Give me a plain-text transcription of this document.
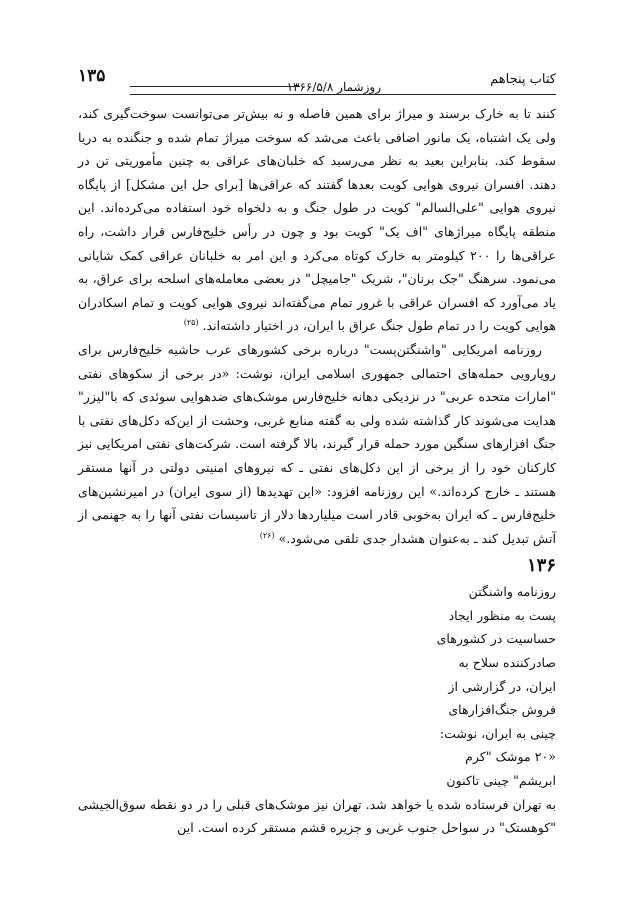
کتاب پنجاهم
روزشمار ۱۳۶۶/۵/۸
۱۳۵

کنند تا به خارک برسند و میراژ برای همین فاصله و نه بیش‌تر می‌توانست سوخت‌گیری کند، ولی یک اشتباه، یک مانور اضافی باعث می‌شد که سوخت میراژ تمام شده و جنگنده به دریا سقوط کند. بنابراین بعید به نظر می‌رسید که خلبان‌های عراقی به چنین مأموریتی تن در دهند. افسران نیروی هوایی کویت بعدها گفتند که عراقی‌ها [برای حل این مشکل] از پایگاه نیروی هوایی "علی‌السالم" کویت در طول جنگ و به دلخواه خود استفاده می‌کرده‌اند. این منطقه پایگاه میراژهای "اف یک" کویت بود و چون در رأس خلیج‌فارس قرار داشت، راه عراقی‌ها را ۲۰۰ کیلومتر به خارک کوتاه می‌کرد و این امر به خلبانان عراقی کمک شایانی می‌نمود. سرهنگ "جک برنان"، شریک "جامیچل" در بعضی معامله‌های اسلحه برای عراق، به یاد می‌آورد که افسران عراقی با غرور تمام می‌گفته‌اند نیروی هوایی کویت و تمام اسکادران هوایی کویت را در تمام طول جنگ عراق با ایران، در اختیار داشته‌اند. $^{(۲۵)}$

روزنامه امریکایی "واشنگتن‌پست" درباره برخی کشورهای عرب حاشیه خلیج‌فارس برای رویارویی حمله‌های احتمالی جمهوری اسلامی ایران، نوشت: «در برخی از سکوهای نفتی "امارات متحده عربی" در نزدیکی دهانه خلیج‌فارس موشک‌های ضدهوایی سوئدی که با"لیزر" هدایت می‌شوند کار گذاشته شده ولی به گفته منابع غربی، وحشت از این‌که دکل‌های نفتی با جنگ افزارهای سنگین مورد حمله قرار گیرند، بالا گرفته است. شرکت‌های نفتی امریکایی نیز کارکنان خود را از برخی از این دکل‌های نفتی ـ که نیروهای امنیتی دولتی در آنها مستقر هستند ـ خارج کرده‌اند.» این روزنامه افزود: «این تهدیدها (از سوی ایران) در امیرنشین‌های خلیج‌فارس ـ که ایران به‌خوبی قادر است میلیاردها دلار از تاسیسات نفتی آنها را به جهنمی از آتش تبدیل کند ـ به‌عنوان هشدار جدی تلقی می‌شود.» $^{(۲۶)}$

۱۳۶
روزنامه واشنگتن
پست به منظور ایجاد
حساسیت در کشورهای
صادرکننده سلاح به
ایران، در گزارشی از
فروش جنگ‌افزارهای
چینی به ایران، نوشت:
«۲۰ موشک "کرم
ابریشم" چینی تاکنون

به تهران فرستاده شده یا خواهد شد. تهران نیز موشک‌های قبلی را در دو نقطه سوق‌الجیشی "کوهستک" در سواحل جنوب غربی و جزیره قشم مستقر کرده است. این
